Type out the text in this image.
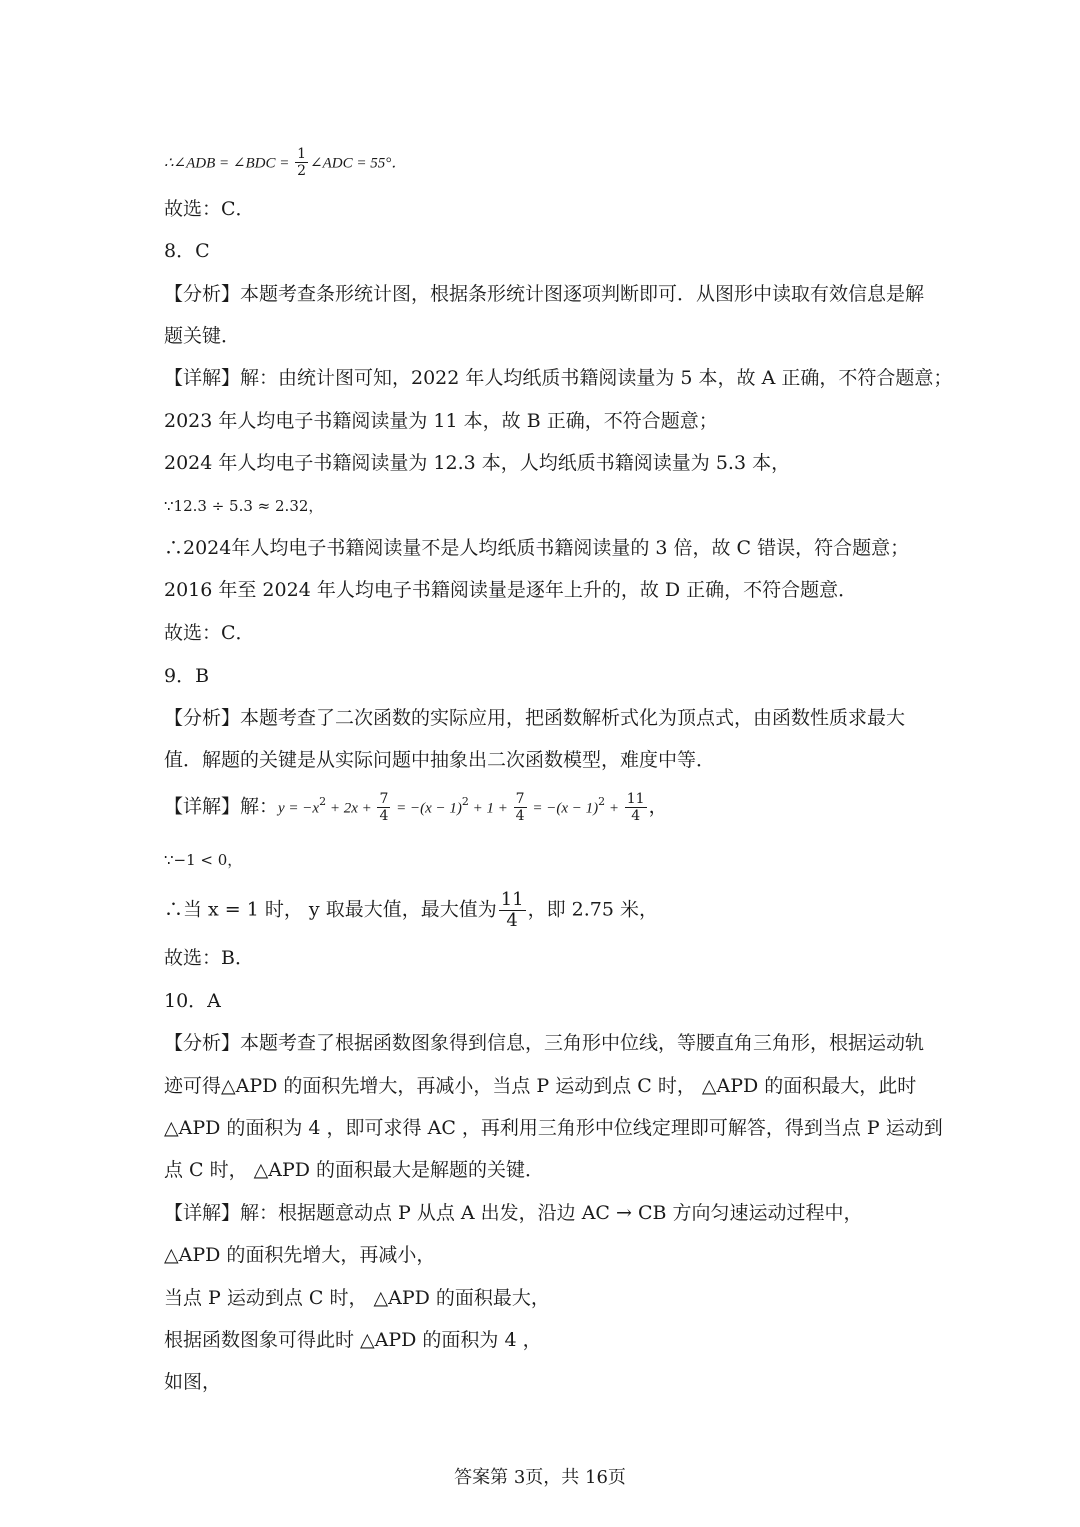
∴∠ADB = ∠BDC = $\frac{1}{2}$ ∠ADC = 55°．
故选：C．
8．C
【分析】本题考查条形统计图，根据条形统计图逐项判断即可．从图形中读取有效信息是解
题关键．
【详解】解：由统计图可知，2022 年人均纸质书籍阅读量为 5 本，故 A 正确，不符合题意；
2023 年人均电子书籍阅读量为 11 本，故 B 正确，不符合题意；
2024 年人均电子书籍阅读量为 12.3 本，人均纸质书籍阅读量为 5.3 本，
∵12.3 ÷ 5.3 ≈ 2.32，
∴2024年人均电子书籍阅读量不是人均纸质书籍阅读量的 3 倍，故 C 错误，符合题意；
2016 年至 2024 年人均电子书籍阅读量是逐年上升的，故 D 正确，不符合题意．
故选：C．
9．B
【分析】本题考查了二次函数的实际应用，把函数解析式化为顶点式，由函数性质求最大
值．解题的关键是从实际问题中抽象出二次函数模型，难度中等．
【详解】解：$y = -x^2 + 2x + \frac{7}{4} = -(x - 1)^2 + 1 + \frac{7}{4} = -(x - 1)^2 + \frac{11}{4}$ ，
∵−1 < 0，
∴当 x = 1 时， y 取最大值，最大值为 $\frac{11}{4}$ ，即 2.75 米，
故选：B．
10．A
【分析】本题考查了根据函数图象得到信息，三角形中位线，等腰直角三角形，根据运动轨
迹可得△APD 的面积先增大，再减小，当点 P 运动到点 C 时， △APD 的面积最大，此时
△APD 的面积为 4 ，即可求得 AC ，再利用三角形中位线定理即可解答，得到当点 P 运动到
点 C 时， △APD 的面积最大是解题的关键．
【详解】解：根据题意动点 P 从点 A 出发，沿边 AC → CB 方向匀速运动过程中，
△APD 的面积先增大，再减小，
当点 P 运动到点 C 时， △APD 的面积最大，
根据函数图象可得此时 △APD 的面积为 4 ，
如图，
答案第 3页，共 16页
